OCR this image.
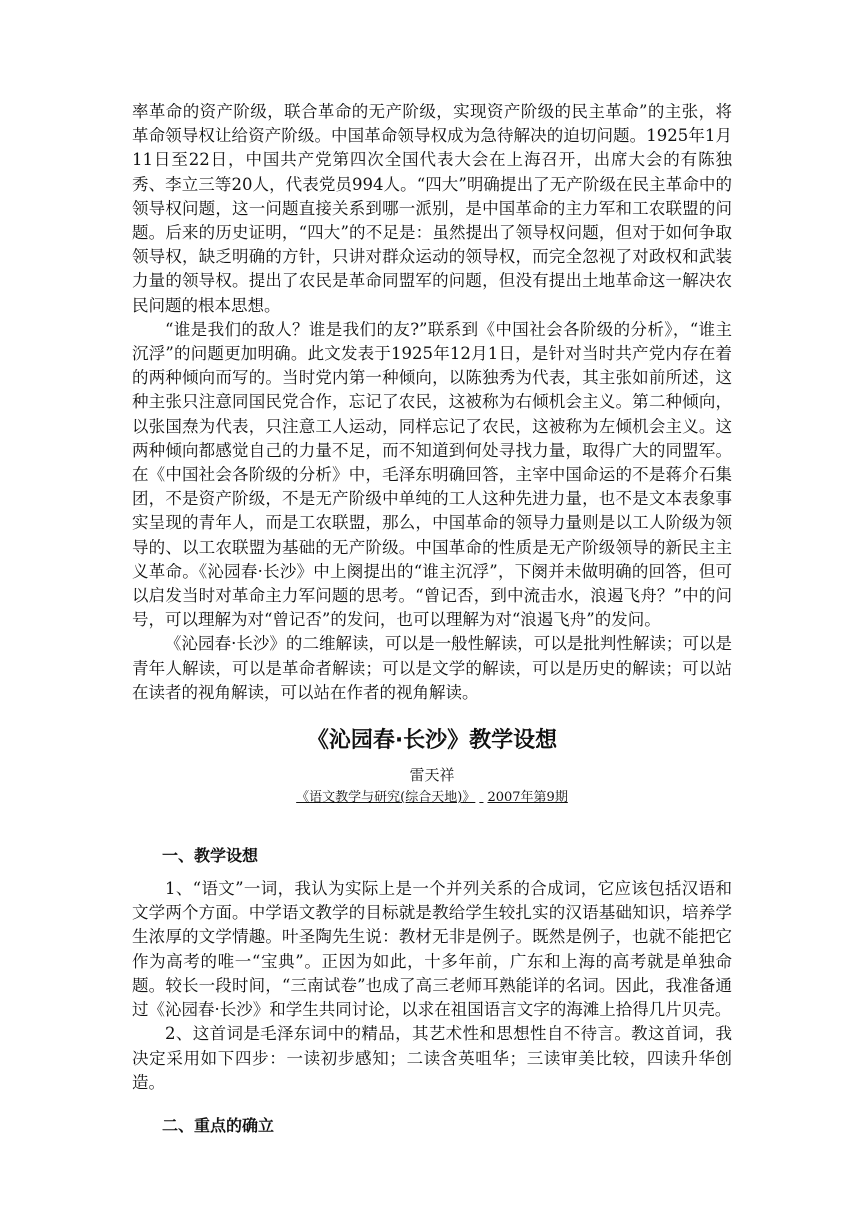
率革命的资产阶级，联合革命的无产阶级，实现资产阶级的民主革命”的主张，将革命领导权让给资产阶级。中国革命领导权成为急待解决的迫切问题。1925年1月11日至22日，中国共产党第四次全国代表大会在上海召开，出席大会的有陈独秀、李立三等20人，代表党员994人。“四大”明确提出了无产阶级在民主革命中的领导权问题，这一问题直接关系到哪一派别，是中国革命的主力军和工农联盟的问题。后来的历史证明，“四大”的不足是：虽然提出了领导权问题，但对于如何争取领导权，缺乏明确的方针，只讲对群众运动的领导权，而完全忽视了对政权和武装力量的领导权。提出了农民是革命同盟军的问题，但没有提出土地革命这一解决农民问题的根本思想。

“谁是我们的敌人？谁是我们的友?”联系到《中国社会各阶级的分析》，“谁主沉浮”的问题更加明确。此文发表于1925年12月1日，是针对当时共产党内存在着的两种倾向而写的。当时党内第一种倾向，以陈独秀为代表，其主张如前所述，这种主张只注意同国民党合作，忘记了农民，这被称为右倾机会主义。第二种倾向，以张国焘为代表，只注意工人运动，同样忘记了农民，这被称为左倾机会主义。这两种倾向都感觉自己的力量不足，而不知道到何处寻找力量，取得广大的同盟军。在《中国社会各阶级的分析》中，毛泽东明确回答，主宰中国命运的不是蒋介石集团，不是资产阶级，不是无产阶级中单纯的工人这种先进力量，也不是文本表象事实呈现的青年人，而是工农联盟，那么，中国革命的领导力量则是以工人阶级为领导的、以工农联盟为基础的无产阶级。中国革命的性质是无产阶级领导的新民主主义革命。《沁园春·长沙》中上阕提出的“谁主沉浮”，下阕并未做明确的回答，但可以启发当时对革命主力军问题的思考。“曾记否，到中流击水，浪遏飞舟？”中的问号，可以理解为对“曾记否”的发问，也可以理解为对“浪遏飞舟”的发问。

《沁园春·长沙》的二维解读，可以是一般性解读，可以是批判性解读；可以是青年人解读，可以是革命者解读；可以是文学的解读，可以是历史的解读；可以站在读者的视角解读，可以站在作者的视角解读。

《沁园春·长沙》教学设想
雷天祥
《语文教学与研究(综合天地)》 2007年第9期
一、教学设想

1、“语文”一词，我认为实际上是一个并列关系的合成词，它应该包括汉语和文学两个方面。中学语文教学的目标就是教给学生较扎实的汉语基础知识，培养学生浓厚的文学情趣。叶圣陶先生说：教材无非是例子。既然是例子，也就不能把它作为高考的唯一“宝典”。正因为如此，十多年前，广东和上海的高考就是单独命题。较长一段时间，“三南试卷”也成了高三老师耳熟能详的名词。因此，我准备通过《沁园春·长沙》和学生共同讨论，以求在祖国语言文字的海滩上拾得几片贝壳。

2、这首词是毛泽东词中的精品，其艺术性和思想性自不待言。教这首词，我决定采用如下四步：一读初步感知；二读含英咀华；三读审美比较，四读升华创造。

二、重点的确立
